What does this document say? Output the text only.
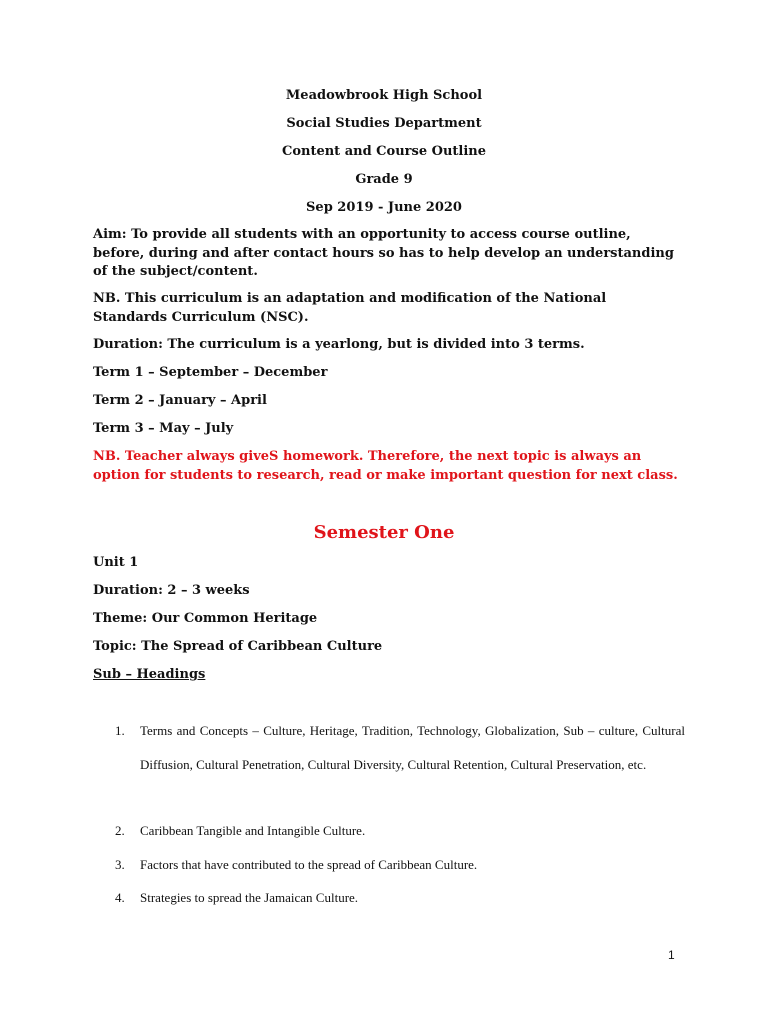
Meadowbrook High School
Social Studies Department
Content and Course Outline
Grade 9
Sep 2019 - June 2020
Aim: To provide all students with an opportunity to access course outline, before, during and after contact hours so has to help develop an understanding of the subject/content.
NB. This curriculum is an adaptation and modification of the National Standards Curriculum (NSC).
Duration: The curriculum is a yearlong, but is divided into 3 terms.
Term 1 – September – December
Term 2 – January – April
Term 3 – May – July
NB. Teacher always giveS homework. Therefore, the next topic is always an option for students to research, read or make important question for next class.
Semester One
Unit 1
Duration: 2 – 3 weeks
Theme: Our Common Heritage
Topic: The Spread of Caribbean Culture
Sub – Headings
1.	Terms and Concepts – Culture, Heritage, Tradition, Technology, Globalization, Sub – culture, Cultural Diffusion, Cultural Penetration, Cultural Diversity, Cultural Retention, Cultural Preservation, etc.
2.	Caribbean Tangible and Intangible Culture.
3.	Factors that have contributed to the spread of Caribbean Culture.
4.	Strategies to spread the Jamaican Culture.
1
